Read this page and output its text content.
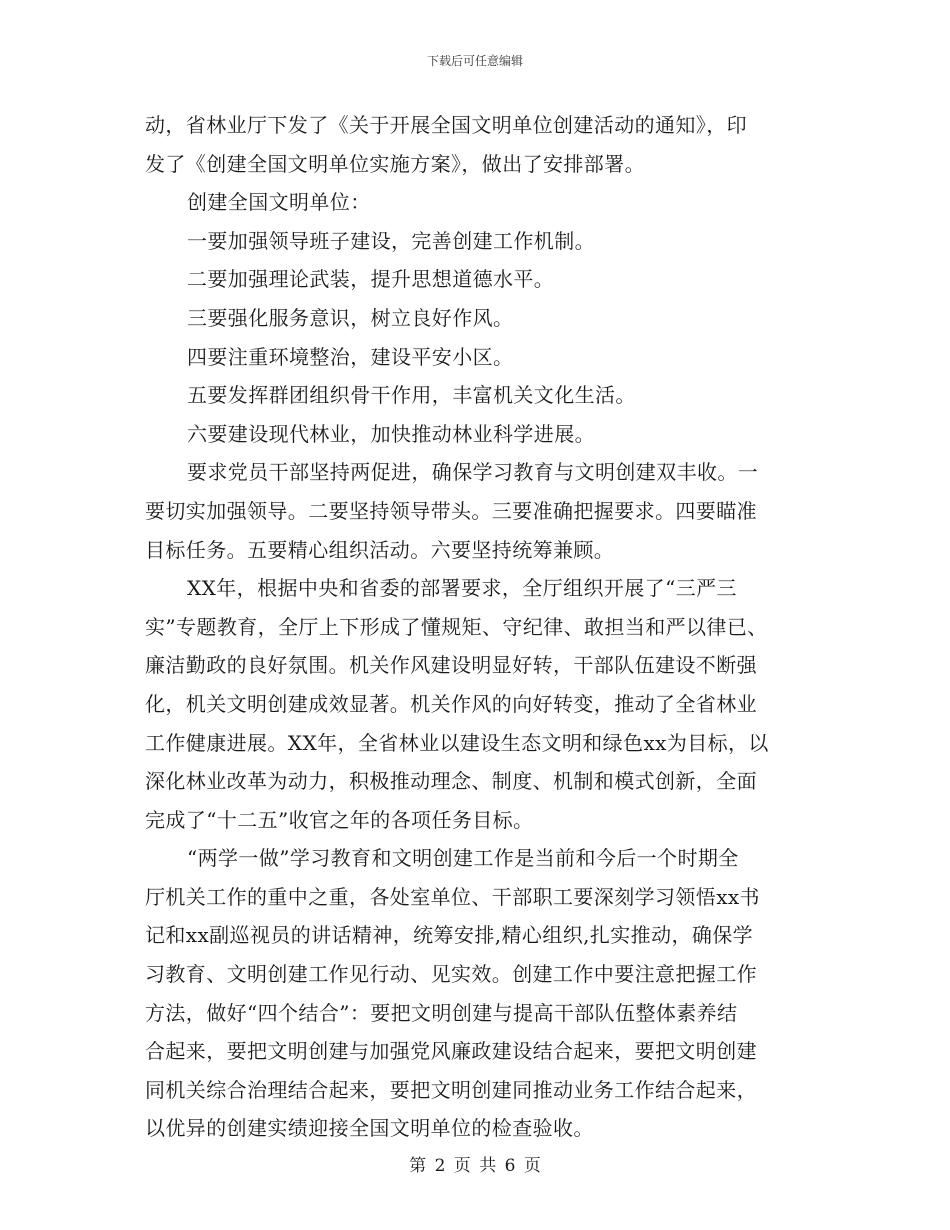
下载后可任意编辑
动，省林业厅下发了《关于开展全国文明单位创建活动的通知》，印
发了《创建全国文明单位实施方案》，做出了安排部署。
创建全国文明单位：
一要加强领导班子建设，完善创建工作机制。
二要加强理论武装，提升思想道德水平。
三要强化服务意识，树立良好作风。
四要注重环境整治，建设平安小区。
五要发挥群团组织骨干作用，丰富机关文化生活。
六要建设现代林业，加快推动林业科学进展。
要求党员干部坚持两促进，确保学习教育与文明创建双丰收。一
要切实加强领导。二要坚持领导带头。三要准确把握要求。四要瞄准
目标任务。五要精心组织活动。六要坚持统筹兼顾。
XX年，根据中央和省委的部署要求，全厅组织开展了“三严三
实”专题教育，全厅上下形成了懂规矩、守纪律、敢担当和严以律已、
廉洁勤政的良好氛围。机关作风建设明显好转，干部队伍建设不断强
化，机关文明创建成效显著。机关作风的向好转变，推动了全省林业
工作健康进展。XX年，全省林业以建设生态文明和绿色xx为目标，以
深化林业改革为动力，积极推动理念、制度、机制和模式创新，全面
完成了“十二五”收官之年的各项任务目标。
“两学一做”学习教育和文明创建工作是当前和今后一个时期全
厅机关工作的重中之重，各处室单位、干部职工要深刻学习领悟xx书
记和xx副巡视员的讲话精神，统筹安排,精心组织,扎实推动，确保学
习教育、文明创建工作见行动、见实效。创建工作中要注意把握工作
方法，做好“四个结合”：要把文明创建与提高干部队伍整体素养结
合起来，要把文明创建与加强党风廉政建设结合起来，要把文明创建
同机关综合治理结合起来，要把文明创建同推动业务工作结合起来，
以优异的创建实绩迎接全国文明单位的检查验收。
第 2 页 共 6 页
